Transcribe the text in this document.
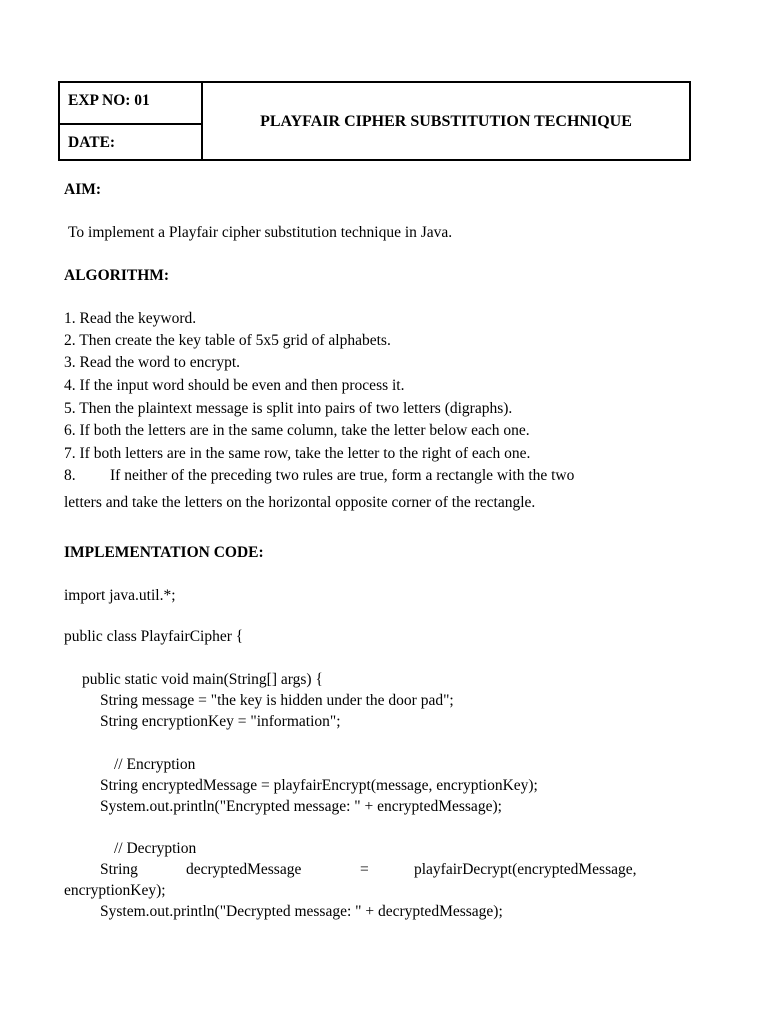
EXP NO: 01
DATE:
PLAYFAIR CIPHER SUBSTITUTION TECHNIQUE
AIM:
To implement a Playfair cipher substitution technique in Java.
ALGORITHM:
1. Read the keyword.
2. Then create the key table of 5x5 grid of alphabets.
3. Read the word to encrypt.
4. If the input word should be even and then process it.
5. Then the plaintext message is split into pairs of two letters (digraphs).
6. If both the letters are in the same column, take the letter below each one.
7. If both letters are in the same row, take the letter to the right of each one.
8. If neither of the preceding two rules are true, form a rectangle with the two
letters and take the letters on the horizontal opposite corner of the rectangle.
IMPLEMENTATION CODE:
import java.util.*;
public class PlayfairCipher {
public static void main(String[] args) {
String message = "the key is hidden under the door pad";
String encryptionKey = "information";
// Encryption
String encryptedMessage = playfairEncrypt(message, encryptionKey);
System.out.println("Encrypted message: " + encryptedMessage);
// Decryption
String	decryptedMessage	=	playfairDecrypt(encryptedMessage,
encryptionKey);
System.out.println("Decrypted message: " + decryptedMessage);
